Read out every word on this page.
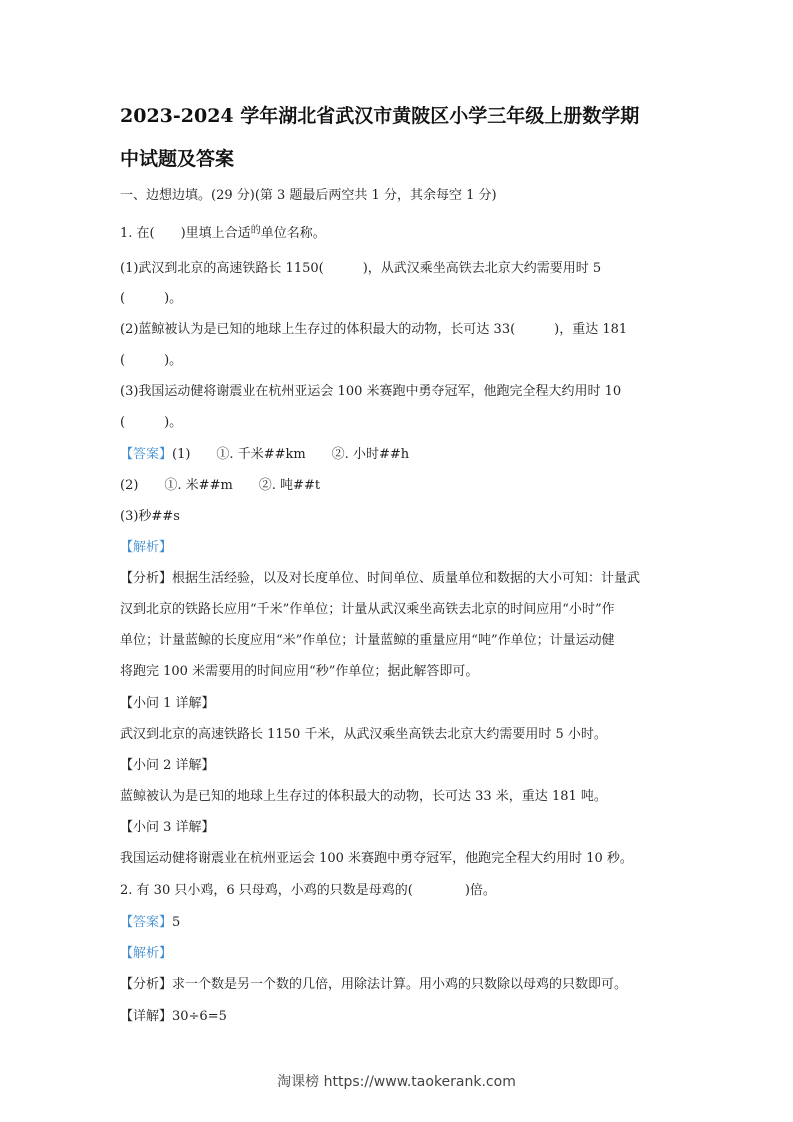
2023-2024 学年湖北省武汉市黄陂区小学三年级上册数学期
中试题及答案
一、边想边填。(29 分)(第 3 题最后两空共 1 分，其余每空 1 分)
1. 在(　　)里填上合适$^的$单位名称。
(1)武汉到北京的高速铁路长 1150(　　　)，从武汉乘坐高铁去北京大约需要用时 5
(　　　)。
(2)蓝鲸被认为是已知的地球上生存过的体积最大的动物，长可达 33(　　　)，重达 181
(　　　)。
(3)我国运动健将谢震业在杭州亚运会 100 米赛跑中勇夺冠军，他跑完全程大约用时 10
(　　　)。
【答案】(1)　　①. 千米##km　　②. 小时##h
(2)　　①. 米##m　　②. 吨##t
(3)秒##s
【解析】
【分析】根据生活经验，以及对长度单位、时间单位、质量单位和数据的大小可知：计量武
汉到北京的铁路长应用“千米”作单位；计量从武汉乘坐高铁去北京的时间应用“小时”作
单位；计量蓝鲸的长度应用“米”作单位；计量蓝鲸的重量应用“吨”作单位；计量运动健
将跑完 100 米需要用的时间应用“秒”作单位；据此解答即可。
【小问 1 详解】
武汉到北京的高速铁路长 1150 千米，从武汉乘坐高铁去北京大约需要用时 5 小时。
【小问 2 详解】
蓝鲸被认为是已知的地球上生存过的体积最大的动物，长可达 33 米，重达 181 吨。
【小问 3 详解】
我国运动健将谢震业在杭州亚运会 100 米赛跑中勇夺冠军，他跑完全程大约用时 10 秒。
2. 有 30 只小鸡，6 只母鸡，小鸡的只数是母鸡的(　　　　)倍。
【答案】5
【解析】
【分析】求一个数是另一个数的几倍，用除法计算。用小鸡的只数除以母鸡的只数即可。
【详解】30÷6=5
淘课榜 https://www.taokerank.com
